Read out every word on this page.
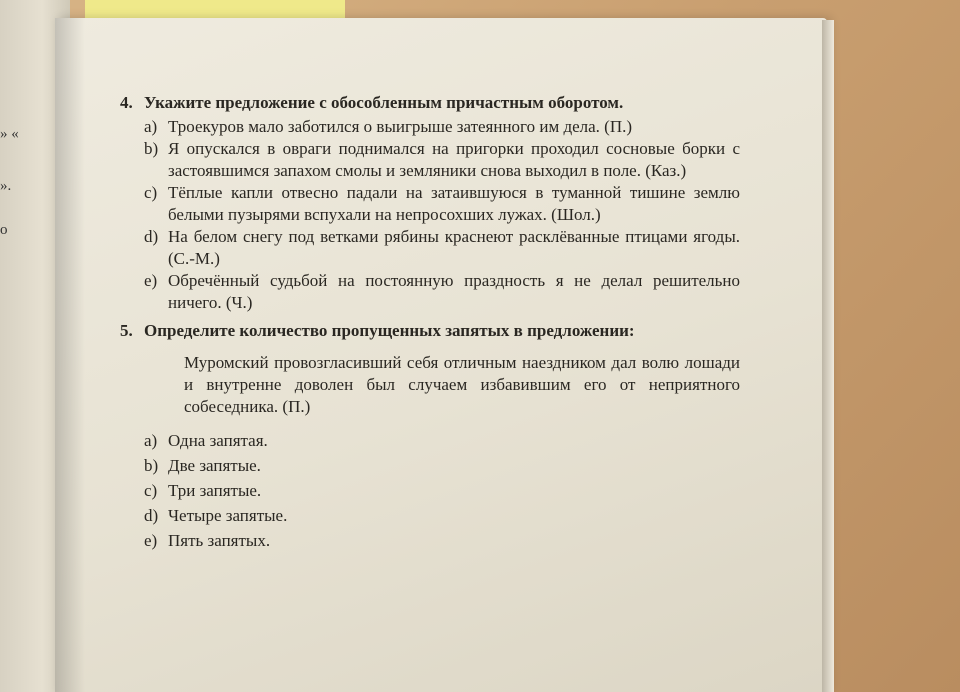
» «
».
о
4. Укажите предложение с обособленным причастным оборотом.
a) Троекуров мало заботился о выигрыше затеянного им дела. (П.)
b) Я опускался в овраги поднимался на пригорки проходил сосновые борки с застоявшимся запахом смолы и земляники снова выходил в поле. (Каз.)
c) Тёплые капли отвесно падали на затаившуюся в туманной тишине землю белыми пузырями вспухали на непросохших лужах. (Шол.)
d) На белом снегу под ветками рябины краснеют расклёванные птицами ягоды. (С.-М.)
e) Обречённый судьбой на постоянную праздность я не делал решительно ничего. (Ч.)
5. Определите количество пропущенных запятых в предложении:
Муромский провозгласивший себя отличным наездником дал волю лошади и внутренне доволен был случаем избавившим его от неприятного собеседника. (П.)
a) Одна запятая.
b) Две запятые.
c) Три запятые.
d) Четыре запятые.
e) Пять запятых.
